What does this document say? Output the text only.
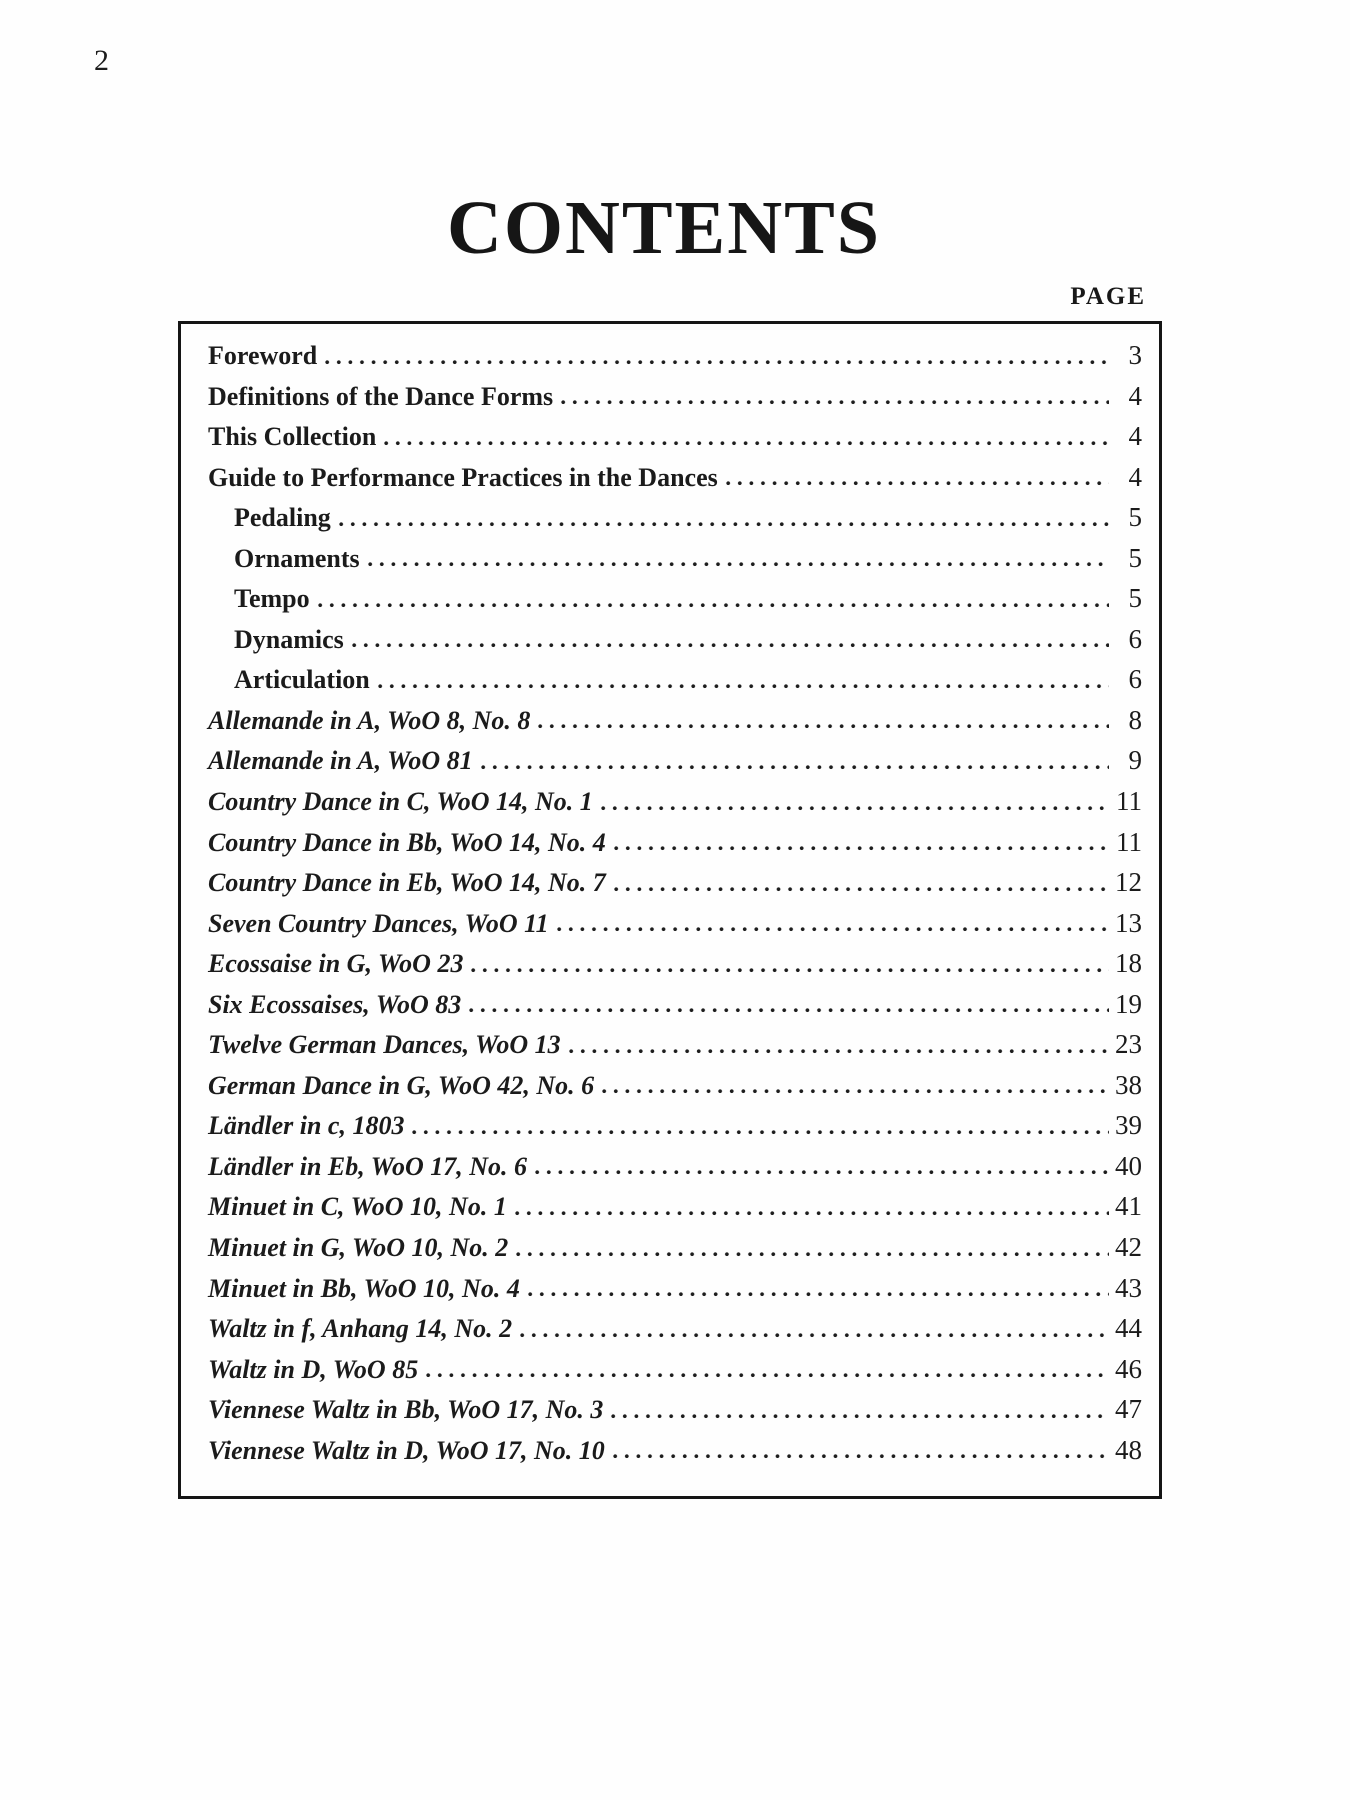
2
CONTENTS
PAGE
Foreword	3
Definitions of the Dance Forms	4
This Collection	4
Guide to Performance Practices in the Dances	4
Pedaling	5
Ornaments	5
Tempo	5
Dynamics	6
Articulation	6
Allemande in A, WoO 8, No. 8	8
Allemande in A, WoO 81	9
Country Dance in C, WoO 14, No. 1	11
Country Dance in Bb, WoO 14, No. 4	11
Country Dance in Eb, WoO 14, No. 7	12
Seven Country Dances, WoO 11	13
Ecossaise in G, WoO 23	18
Six Ecossaises, WoO 83	19
Twelve German Dances, WoO 13	23
German Dance in G, WoO 42, No. 6	38
Ländler in c, 1803	39
Ländler in Eb, WoO 17, No. 6	40
Minuet in C, WoO 10, No. 1	41
Minuet in G, WoO 10, No. 2	42
Minuet in Bb, WoO 10, No. 4	43
Waltz in f, Anhang 14, No. 2	44
Waltz in D, WoO 85	46
Viennese Waltz in Bb, WoO 17, No. 3	47
Viennese Waltz in D, WoO 17, No. 10	48
